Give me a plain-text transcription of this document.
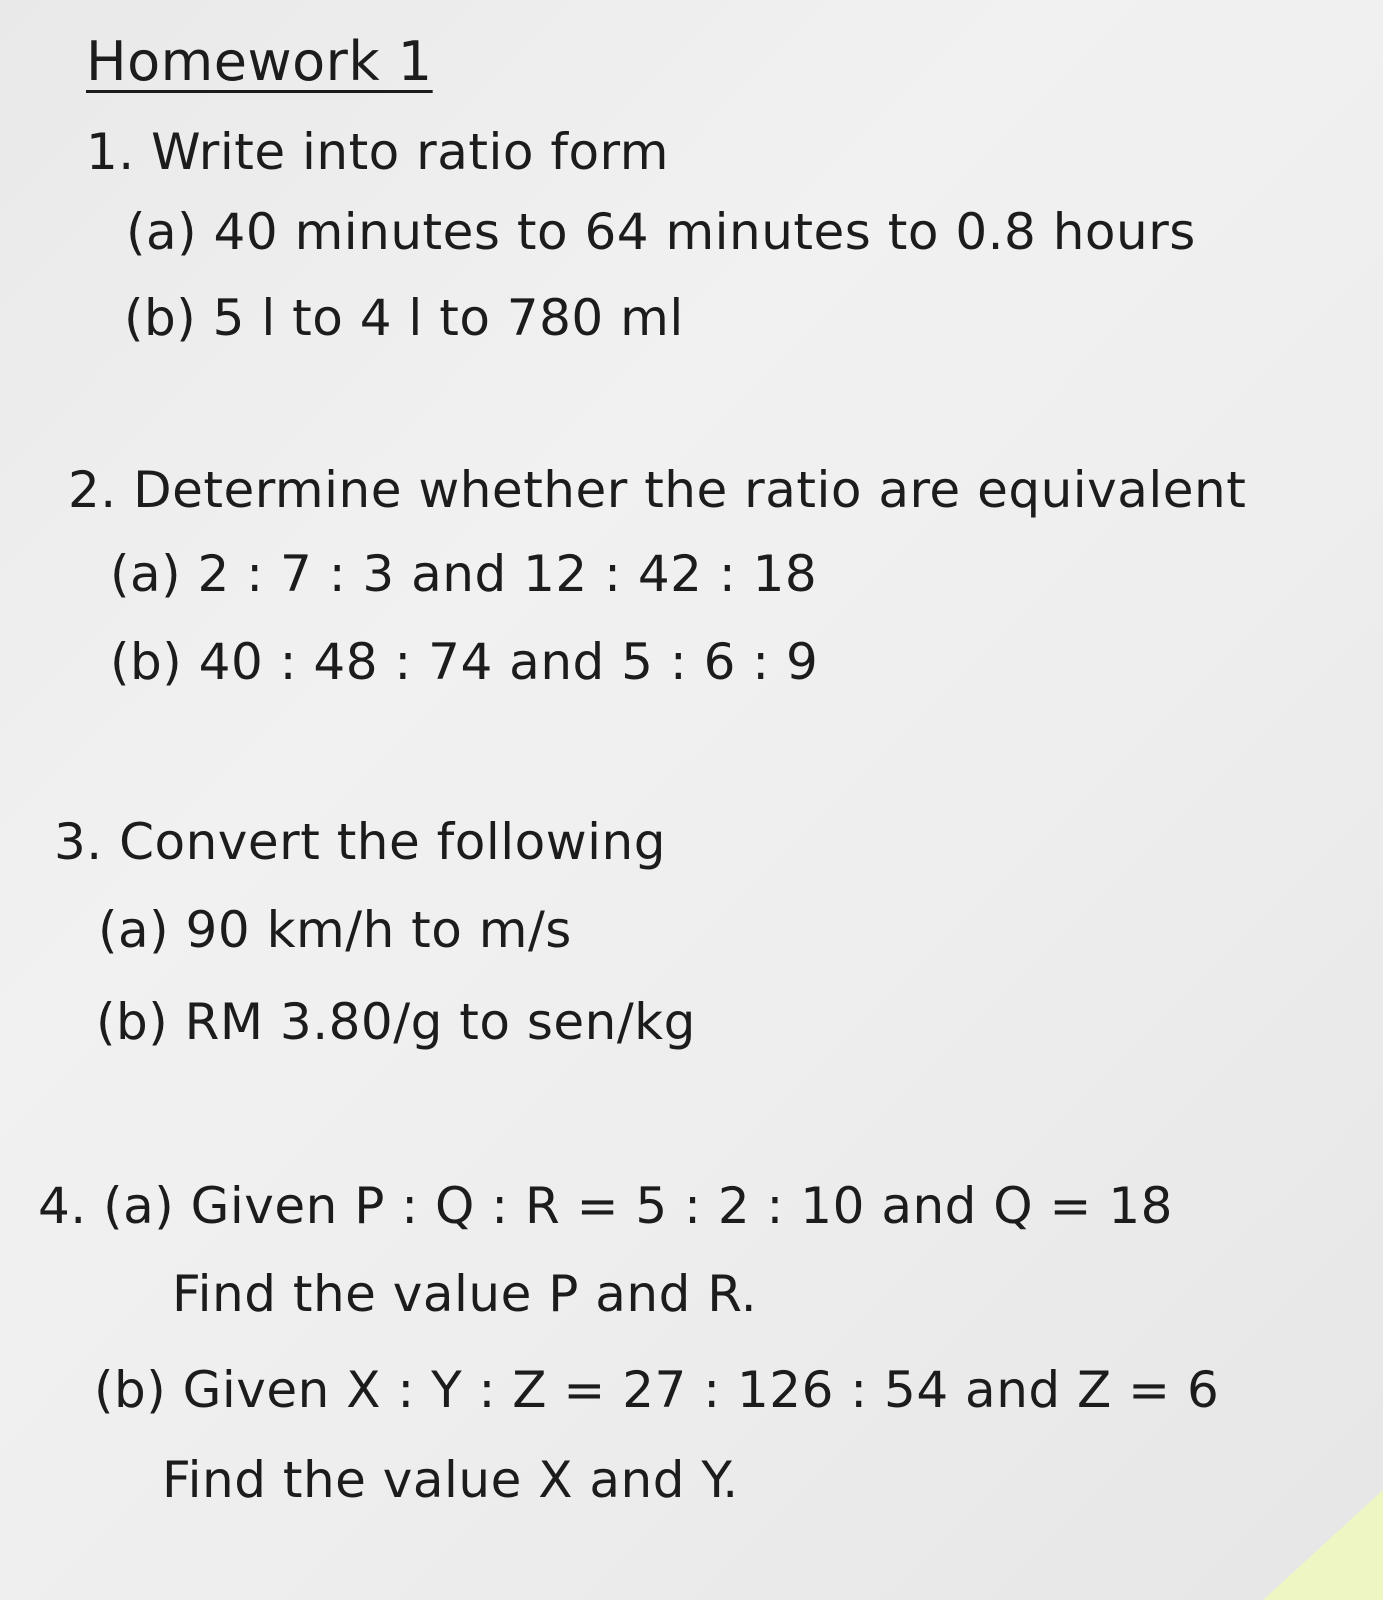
Homework 1
1. Write into ratio form
(a) 40 minutes to 64 minutes to 0.8 hours
(b) 5 l to 4 l to 780 ml
2. Determine whether the ratio are equivalent
(a) 2 : 7 : 3 and 12 : 42 : 18
(b) 40 : 48 : 74 and 5 : 6 : 9
3. Convert the following
(a) 90 km/h to m/s
(b) RM 3.80/g to sen/kg
4. (a) Given P : Q : R = 5 : 2 : 10 and Q = 18
Find the value P and R.
(b) Given X : Y : Z = 27 : 126 : 54 and Z = 6
Find the value X and Y.
